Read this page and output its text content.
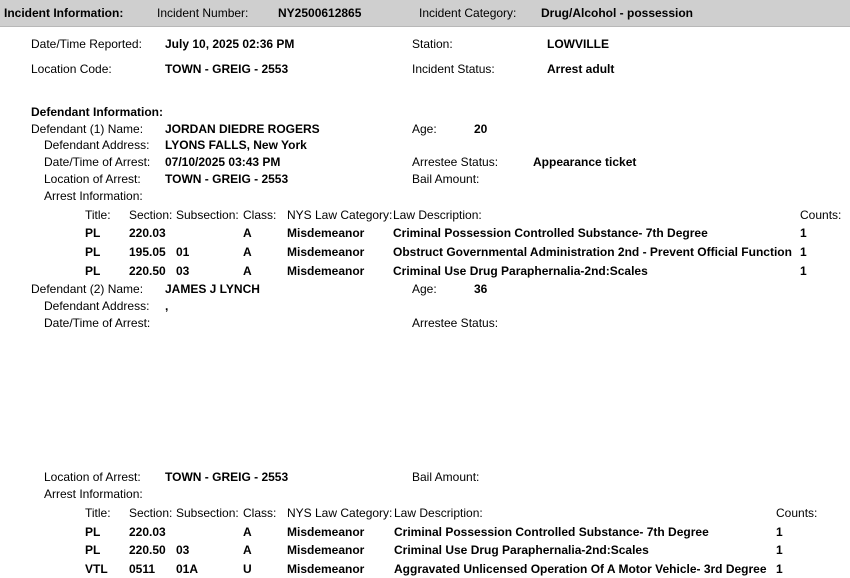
Incident Information:	Incident Number: NY2500612865	Incident Category: Drug/Alcohol - possession
Date/Time Reported: July 10, 2025 02:36 PM	Station:	LOWVILLE
Location Code:	TOWN - GREIG - 2553	Incident Status:	Arrest adult
Defendant Information:
Defendant (1) Name: JORDAN DIEDRE ROGERS	Age:	20
Defendant Address: LYONS FALLS, New York
Date/Time of Arrest: 07/10/2025 03:43 PM	Arrestee Status:	Appearance ticket
Location of Arrest: TOWN - GREIG - 2553	Bail Amount:
Arrest Information:
Title: Section: Subsection: Class: NYS Law Category: Law Description:	Counts:
PL 220.03	A	Misdemeanor Criminal Possession Controlled Substance- 7th Degree	1
PL 195.05 01	A	Misdemeanor Obstruct Governmental Administration 2nd - Prevent Official Function 1
PL 220.50 03	A	Misdemeanor Criminal Use Drug Paraphernalia-2nd:Scales	1
Defendant (2) Name: JAMES J LYNCH	Age:	36
Defendant Address: ,
Date/Time of Arrest:	Arrestee Status:
Location of Arrest: TOWN - GREIG - 2553	Bail Amount:
Arrest Information:
Title: Section: Subsection: Class: NYS Law Category: Law Description:	Counts:
PL 220.03	A	Misdemeanor Criminal Possession Controlled Substance- 7th Degree	1
PL 220.50 03	A	Misdemeanor Criminal Use Drug Paraphernalia-2nd:Scales	1
VTL 0511 01A	U	Misdemeanor Aggravated Unlicensed Operation Of A Motor Vehicle- 3rd Degree 1
